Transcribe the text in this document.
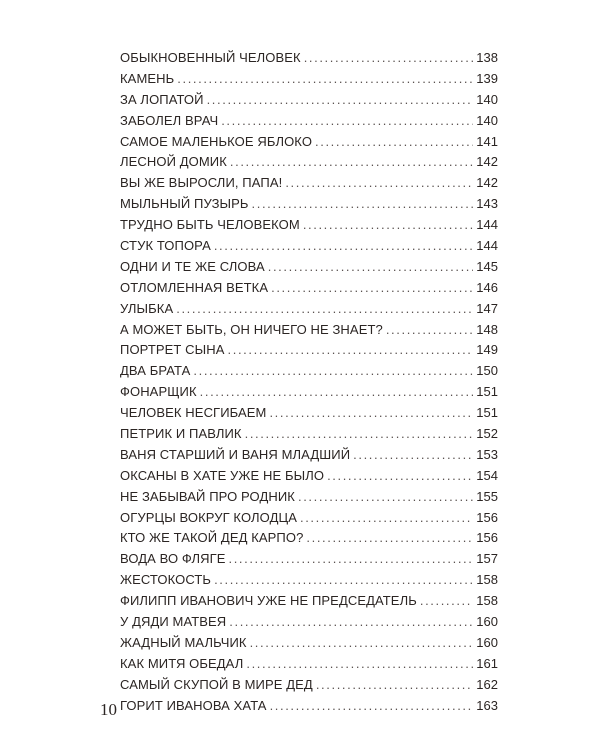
ОБЫКНОВЕННЫЙ ЧЕЛОВЕК .....	138
КАМЕНЬ .....	139
ЗА ЛОПАТОЙ .....	140
ЗАБОЛЕЛ ВРАЧ .....	140
САМОЕ МАЛЕНЬКОЕ ЯБЛОКО .....	141
ЛЕСНОЙ ДОМИК .....	142
ВЫ ЖЕ ВЫРОСЛИ, ПАПА! .....	142
МЫЛЬНЫЙ ПУЗЫРЬ .....	143
ТРУДНО БЫТЬ ЧЕЛОВЕКОМ .....	144
СТУК ТОПОРА .....	144
ОДНИ И ТЕ ЖЕ СЛОВА .....	145
ОТЛОМЛЕННАЯ ВЕТКА .....	146
УЛЫБКА .....	147
А МОЖЕТ БЫТЬ, ОН НИЧЕГО НЕ ЗНАЕТ? .....	148
ПОРТРЕТ СЫНА .....	149
ДВА БРАТА .....	150
ФОНАРЩИК .....	151
ЧЕЛОВЕК НЕСГИБАЕМ .....	151
ПЕТРИК И ПАВЛИК .....	152
ВАНЯ СТАРШИЙ И ВАНЯ МЛАДШИЙ .....	153
ОКСАНЫ В ХАТЕ УЖЕ НЕ БЫЛО .....	154
НЕ ЗАБЫВАЙ ПРО РОДНИК .....	155
ОГУРЦЫ ВОКРУГ КОЛОДЦА .....	156
КТО ЖЕ ТАКОЙ ДЕД КАРПО? .....	156
ВОДА ВО ФЛЯГЕ .....	157
ЖЕСТОКОСТЬ .....	158
ФИЛИПП ИВАНОВИЧ УЖЕ НЕ ПРЕДСЕДАТЕЛЬ .....	158
У ДЯДИ МАТВЕЯ .....	160
ЖАДНЫЙ МАЛЬЧИК .....	160
КАК МИТЯ ОБЕДАЛ .....	161
САМЫЙ СКУПОЙ В МИРЕ ДЕД .....	162
ГОРИТ ИВАНОВА ХАТА .....	163
10
